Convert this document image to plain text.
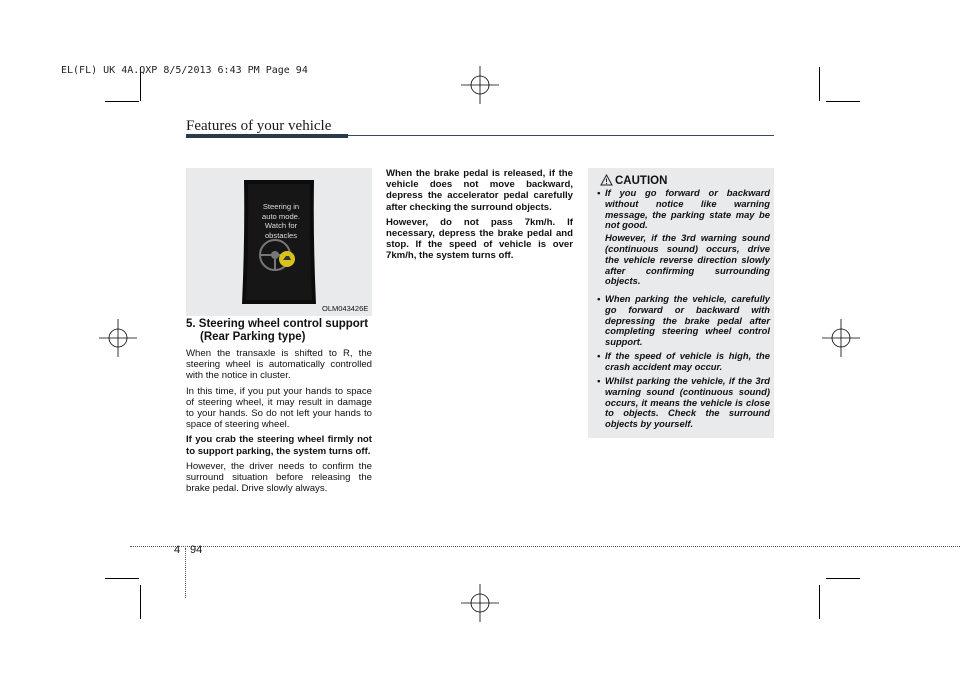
EL(FL) UK 4A.QXP 8/5/2013 6:43 PM Page 94
Features of your vehicle
Steering in
auto mode.
Watch for
obstacles
OLM043426E
5. Steering wheel control support
(Rear Parking type)

When the transaxle is shifted to R, the steering wheel is automatically controlled with the notice in cluster.

In this time, if you put your hands to space of steering wheel, it may result in damage to your hands. So do not left your hands to space of steering wheel.

If you crab the steering wheel firmly not to support parking, the system turns off.

However, the driver needs to confirm the surround situation before releasing the brake pedal. Drive slowly always.

When the brake pedal is released, if the vehicle does not move backward, depress the accelerator pedal carefully after checking the surround objects.

However, do not pass 7km/h. If necessary, depress the brake pedal and stop. If the speed of vehicle is over 7km/h, the system turns off.

CAUTION
• If you go forward or backward without notice like warning message, the parking state may be not good.

However, if the 3rd warning sound (continuous sound) occurs, drive the vehicle reverse direction slowly after confirming surrounding objects.

• When parking the vehicle, carefully go forward or backward with depressing the brake pedal after completing steering wheel control support.

• If the speed of vehicle is high, the crash accident may occur.

• Whilst parking the vehicle, if the 3rd warning sound (continuous sound) occurs, it means the vehicle is close to objects. Check the surround objects by yourself.

4 94
